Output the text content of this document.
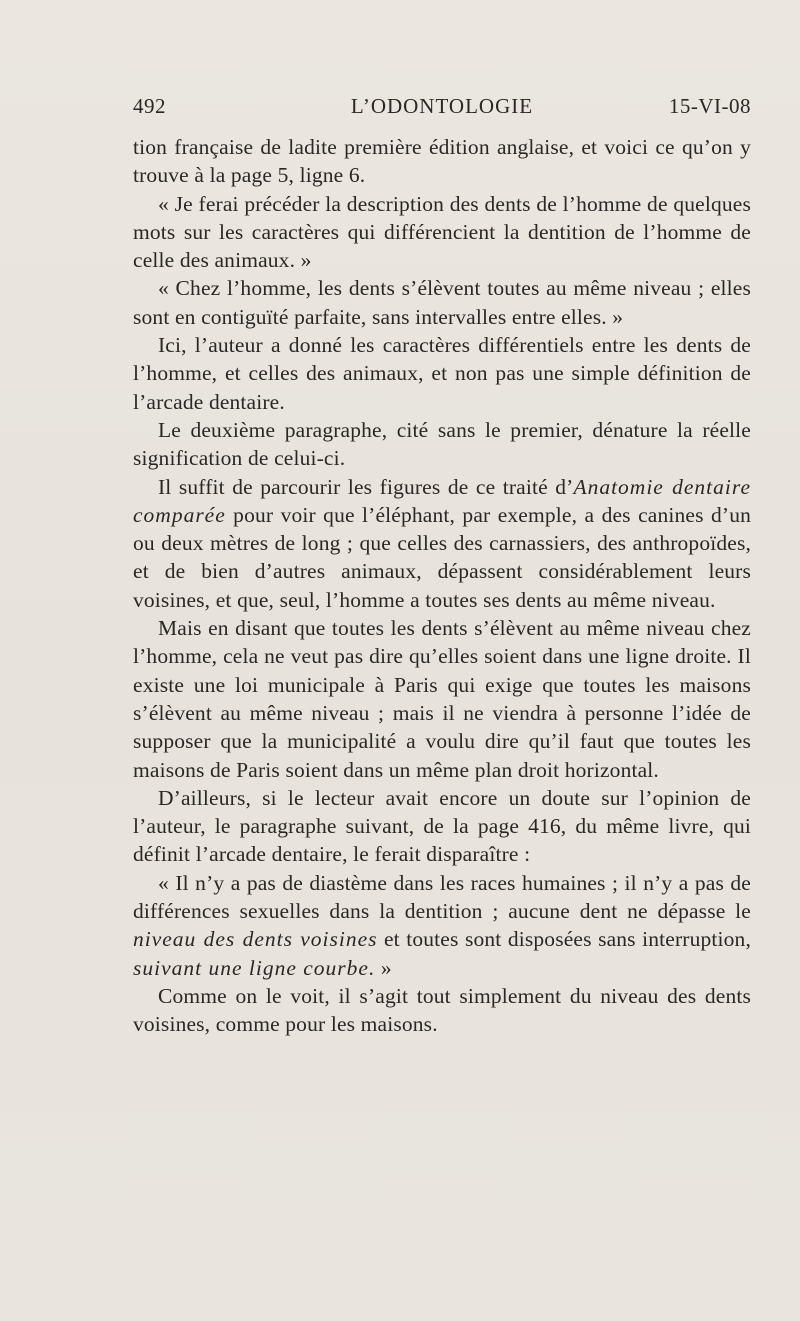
492	L’ODONTOLOGIE	15-VI-08

tion française de ladite première édition anglaise, et voici ce qu’on y trouve à la page 5, ligne 6.

« Je ferai précéder la description des dents de l’homme de quelques mots sur les caractères qui différencient la dentition de l’homme de celle des animaux. »

« Chez l’homme, les dents s’élèvent toutes au même niveau ; elles sont en contiguïté parfaite, sans intervalles entre elles. »

Ici, l’auteur a donné les caractères différentiels entre les dents de l’homme, et celles des animaux, et non pas une simple définition de l’arcade dentaire.

Le deuxième paragraphe, cité sans le premier, dénature la réelle signification de celui-ci.

Il suffit de parcourir les figures de ce traité d’Anatomie dentaire comparée pour voir que l’éléphant, par exemple, a des canines d’un ou deux mètres de long ; que celles des carnassiers, des anthropoïdes, et de bien d’autres animaux, dépassent considérablement leurs voisines, et que, seul, l’homme a toutes ses dents au même niveau.

Mais en disant que toutes les dents s’élèvent au même niveau chez l’homme, cela ne veut pas dire qu’elles soient dans une ligne droite. Il existe une loi municipale à Paris qui exige que toutes les maisons s’élèvent au même niveau ; mais il ne viendra à personne l’idée de supposer que la municipalité a voulu dire qu’il faut que toutes les maisons de Paris soient dans un même plan droit horizontal.

D’ailleurs, si le lecteur avait encore un doute sur l’opinion de l’auteur, le paragraphe suivant, de la page 416, du même livre, qui définit l’arcade dentaire, le ferait disparaître :

« Il n’y a pas de diastème dans les races humaines ; il n’y a pas de différences sexuelles dans la dentition ; aucune dent ne dépasse le niveau des dents voisines et toutes sont disposées sans interruption, suivant une ligne courbe. »

Comme on le voit, il s’agit tout simplement du niveau des dents voisines, comme pour les maisons.
